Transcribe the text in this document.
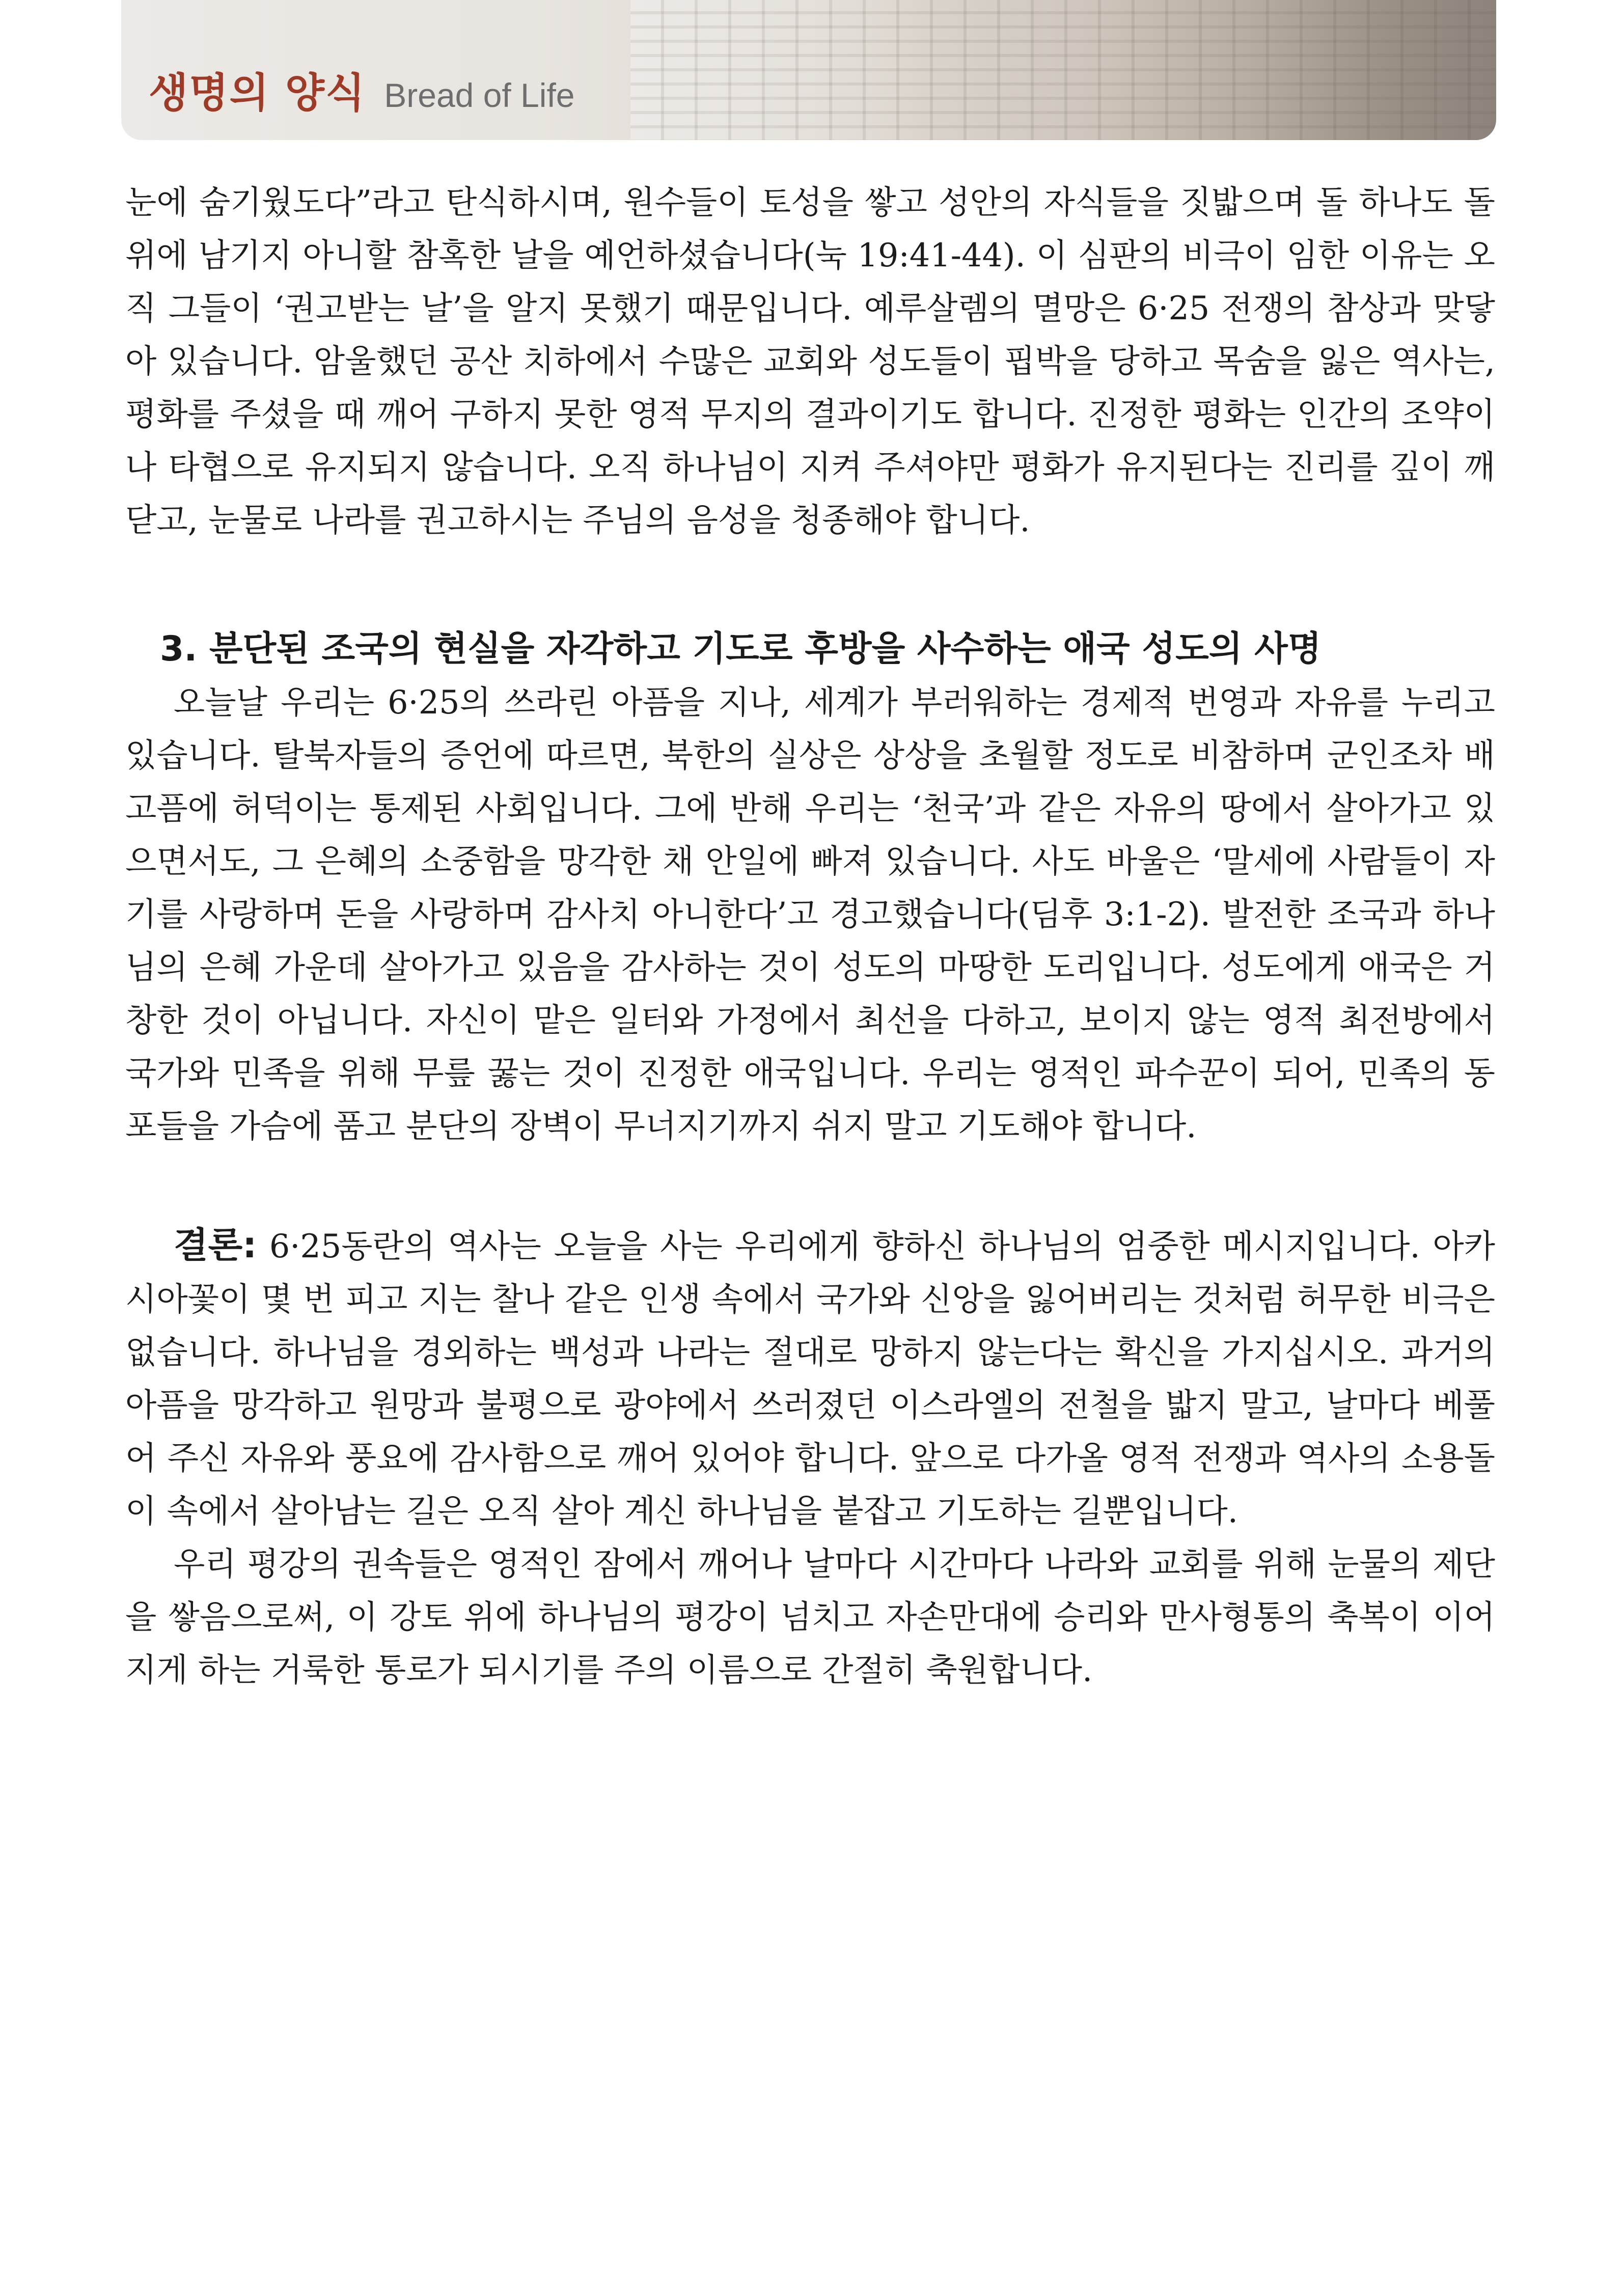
생명의 양식 Bread of Life

눈에 숨기웠도다”라고 탄식하시며, 원수들이 토성을 쌓고 성안의 자식들을 짓밟으며 돌 하나도 돌 위에 남기지 아니할 참혹한 날을 예언하셨습니다(눅 19:41-44). 이 심판의 비극이 임한 이유는 오직 그들이 ‘권고받는 날’을 알지 못했기 때문입니다. 예루살렘의 멸망은 6·25 전쟁의 참상과 맞닿아 있습니다. 암울했던 공산 치하에서 수많은 교회와 성도들이 핍박을 당하고 목숨을 잃은 역사는, 평화를 주셨을 때 깨어 구하지 못한 영적 무지의 결과이기도 합니다. 진정한 평화는 인간의 조약이나 타협으로 유지되지 않습니다. 오직 하나님이 지켜 주셔야만 평화가 유지된다는 진리를 깊이 깨닫고, 눈물로 나라를 권고하시는 주님의 음성을 청종해야 합니다.

3. 분단된 조국의 현실을 자각하고 기도로 후방을 사수하는 애국 성도의 사명

오늘날 우리는 6·25의 쓰라린 아픔을 지나, 세계가 부러워하는 경제적 번영과 자유를 누리고 있습니다. 탈북자들의 증언에 따르면, 북한의 실상은 상상을 초월할 정도로 비참하며 군인조차 배고픔에 허덕이는 통제된 사회입니다. 그에 반해 우리는 ‘천국’과 같은 자유의 땅에서 살아가고 있으면서도, 그 은혜의 소중함을 망각한 채 안일에 빠져 있습니다. 사도 바울은 ‘말세에 사람들이 자기를 사랑하며 돈을 사랑하며 감사치 아니한다’고 경고했습니다(딤후 3:1-2). 발전한 조국과 하나님의 은혜 가운데 살아가고 있음을 감사하는 것이 성도의 마땅한 도리입니다. 성도에게 애국은 거창한 것이 아닙니다. 자신이 맡은 일터와 가정에서 최선을 다하고, 보이지 않는 영적 최전방에서 국가와 민족을 위해 무릎 꿇는 것이 진정한 애국입니다. 우리는 영적인 파수꾼이 되어, 민족의 동포들을 가슴에 품고 분단의 장벽이 무너지기까지 쉬지 말고 기도해야 합니다.

결론: 6·25동란의 역사는 오늘을 사는 우리에게 향하신 하나님의 엄중한 메시지입니다. 아카시아꽃이 몇 번 피고 지는 찰나 같은 인생 속에서 국가와 신앙을 잃어버리는 것처럼 허무한 비극은 없습니다. 하나님을 경외하는 백성과 나라는 절대로 망하지 않는다는 확신을 가지십시오. 과거의 아픔을 망각하고 원망과 불평으로 광야에서 쓰러졌던 이스라엘의 전철을 밟지 말고, 날마다 베풀어 주신 자유와 풍요에 감사함으로 깨어 있어야 합니다. 앞으로 다가올 영적 전쟁과 역사의 소용돌이 속에서 살아남는 길은 오직 살아 계신 하나님을 붙잡고 기도하는 길뿐입니다.

우리 평강의 권속들은 영적인 잠에서 깨어나 날마다 시간마다 나라와 교회를 위해 눈물의 제단을 쌓음으로써, 이 강토 위에 하나님의 평강이 넘치고 자손만대에 승리와 만사형통의 축복이 이어지게 하는 거룩한 통로가 되시기를 주의 이름으로 간절히 축원합니다.
